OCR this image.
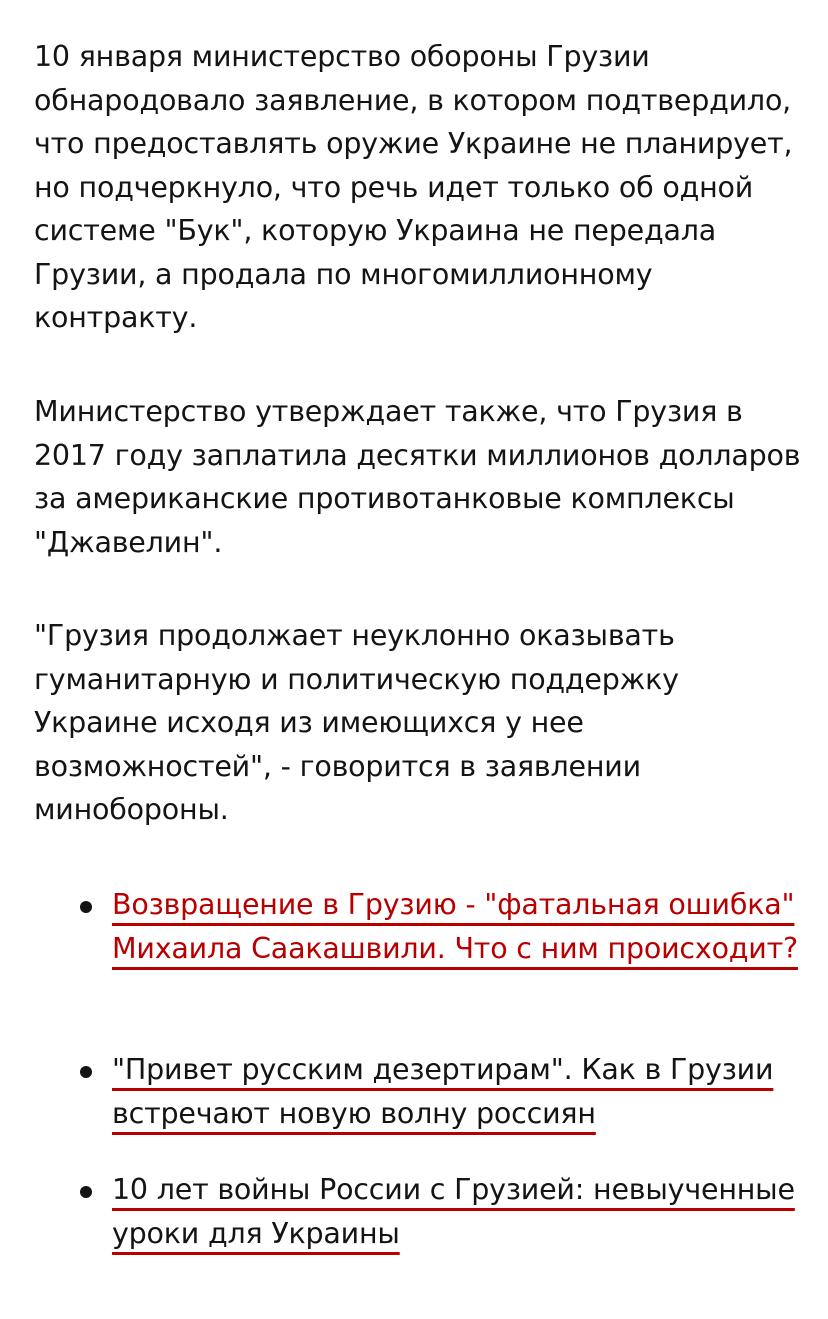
10 января министерство обороны Грузии обнародовало заявление, в котором подтвердило, что предоставлять оружие Украине не планирует, но подчеркнуло, что речь идет только об одной системе "Бук", которую Украина не передала Грузии, а продала по многомиллионному контракту.

Министерство утверждает также, что Грузия в 2017 году заплатила десятки миллионов долларов за американские противотанковые комплексы "Джавелин".

"Грузия продолжает неуклонно оказывать гуманитарную и политическую поддержку Украине исходя из имеющихся у нее возможностей", - говорится в заявлении минобороны.

Возвращение в Грузию - "фатальная ошибка" Михаила Саакашвили. Что с ним происходит?
"Привет русским дезертирам". Как в Грузии встречают новую волну россиян
10 лет войны России с Грузией: невыученные уроки для Украины
